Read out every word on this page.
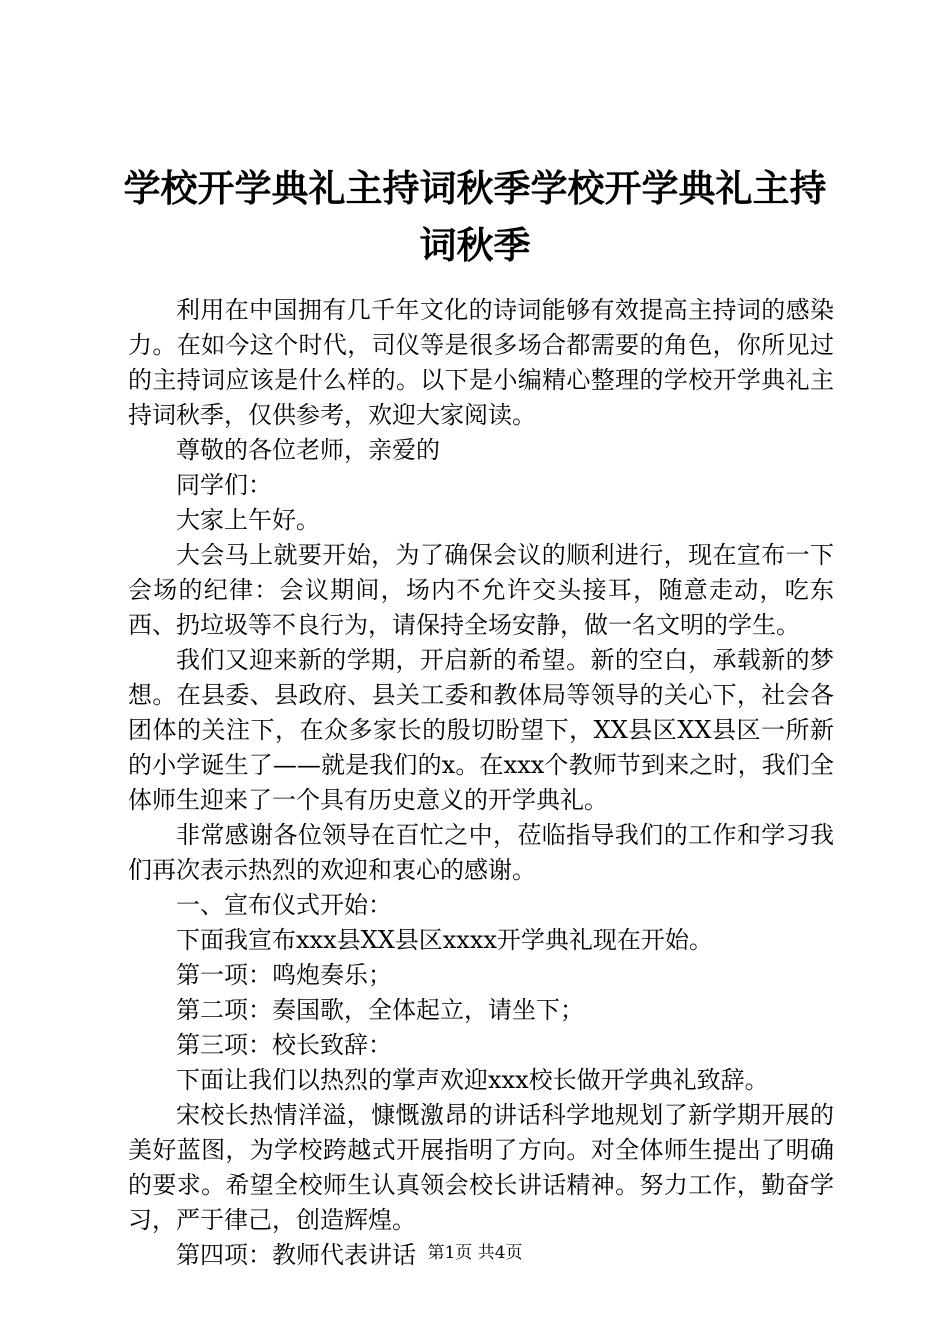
学校开学典礼主持词秋季学校开学典礼主持词秋季

利用在中国拥有几千年文化的诗词能够有效提高主持词的感染力。在如今这个时代，司仪等是很多场合都需要的角色，你所见过的主持词应该是什么样的。以下是小编精心整理的学校开学典礼主持词秋季，仅供参考，欢迎大家阅读。

尊敬的各位老师，亲爱的

同学们：

大家上午好。

大会马上就要开始，为了确保会议的顺利进行，现在宣布一下会场的纪律：会议期间，场内不允许交头接耳，随意走动，吃东西、扔垃圾等不良行为，请保持全场安静，做一名文明的学生。

我们又迎来新的学期，开启新的希望。新的空白，承载新的梦想。在县委、县政府、县关工委和教体局等领导的关心下，社会各团体的关注下，在众多家长的殷切盼望下，XX县区XX县区一所新的小学诞生了——就是我们的x。在xxx个教师节到来之时，我们全体师生迎来了一个具有历史意义的开学典礼。

非常感谢各位领导在百忙之中，莅临指导我们的工作和学习我们再次表示热烈的欢迎和衷心的感谢。

一、宣布仪式开始：

下面我宣布xxx县XX县区xxxx开学典礼现在开始。

第一项：鸣炮奏乐；

第二项：奏国歌，全体起立，请坐下；

第三项：校长致辞：

下面让我们以热烈的掌声欢迎xxx校长做开学典礼致辞。

宋校长热情洋溢，慷慨激昂的讲话科学地规划了新学期开展的美好蓝图，为学校跨越式开展指明了方向。对全体师生提出了明确的要求。希望全校师生认真领会校长讲话精神。努力工作，勤奋学习，严于律己，创造辉煌。

第四项：教师代表讲话 第1页 共4页
